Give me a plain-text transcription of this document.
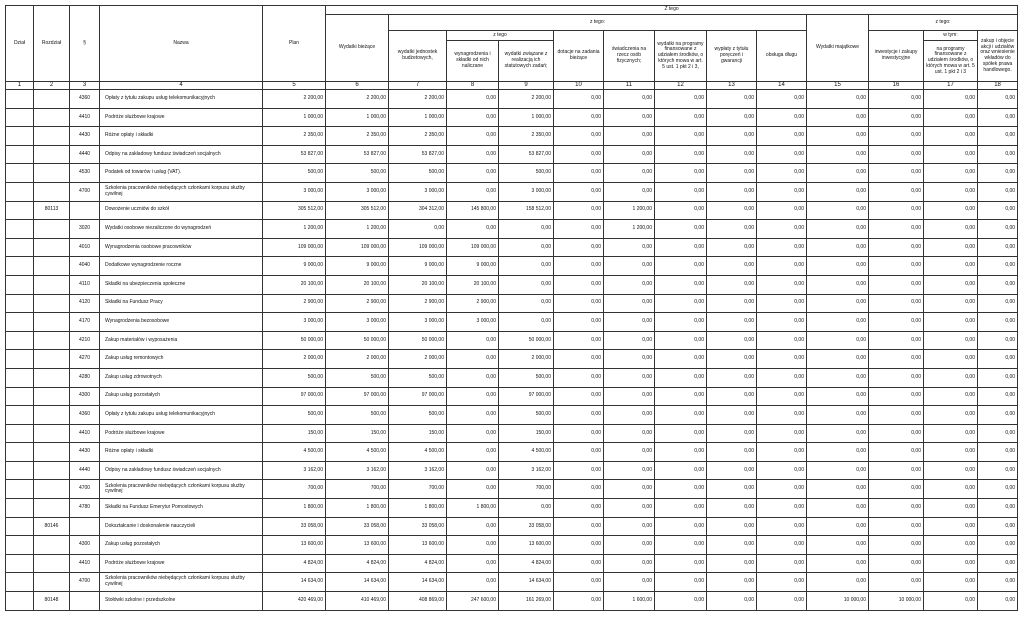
Dział	Rozdział	§	Nazwa	Plan	Z tego												
					Wydatki bieżące	z tego:								Wydatki majątkowe	z tego:		
						wydatki jednostek budżetowych,	z tego		dotacje na zadania bieżące	świadczenia na rzecz osób fizycznych;	wydatki na programy finansowane z udziałem środków, o których mowa w art. 5 ust. 1 pkt 2 i 3,	wypłaty z tytułu poręczeń i gwarancji	obsługa długu		inwestycje i zakupy inwestycyjne	w tym:	zakup i objęcie akcji i udziałów oraz wniesienie wkładów do spółek prawa handlowego.
							wynagrodzenia i składki od nich naliczane	wydatki związane z realizacją ich statutowych zadań;								na programy finansowane z udziałem środków, o których mowa w art. 5 ust. 1 pkt 2 i 3	
1	2	3	4	5	6	7	8	9	10	11	12	13	14	15	16	17	18
		4360	Opłaty z tytułu zakupu usług telekomunikacyjnych	2 200,00	2 200,00	2 200,00	0,00	2 200,00	0,00	0,00	0,00	0,00	0,00	0,00	0,00	0,00	0,00
		4410	Podróże służbowe krajowe	1 000,00	1 000,00	1 000,00	0,00	1 000,00	0,00	0,00	0,00	0,00	0,00	0,00	0,00	0,00	0,00
		4430	Różne opłaty i składki	2 350,00	2 350,00	2 350,00	0,00	2 350,00	0,00	0,00	0,00	0,00	0,00	0,00	0,00	0,00	0,00
		4440	Odpisy na zakładowy fundusz świadczeń socjalnych	53 827,00	53 827,00	53 827,00	0,00	53 827,00	0,00	0,00	0,00	0,00	0,00	0,00	0,00	0,00	0,00
		4530	Podatek od towarów i usług (VAT).	500,00	500,00	500,00	0,00	500,00	0,00	0,00	0,00	0,00	0,00	0,00	0,00	0,00	0,00
		4700	Szkolenia pracowników niebędących członkami korpusu służby cywilnej	3 000,00	3 000,00	3 000,00	0,00	3 000,00	0,00	0,00	0,00	0,00	0,00	0,00	0,00	0,00	0,00
	80113		Dowożenie uczniów do szkół	305 512,00	305 512,00	304 312,00	145 800,00	158 512,00	0,00	1 200,00	0,00	0,00	0,00	0,00	0,00	0,00	0,00
		3020	Wydatki osobowe niezaliczone do wynagrodzeń	1 200,00	1 200,00	0,00	0,00	0,00	0,00	1 200,00	0,00	0,00	0,00	0,00	0,00	0,00	0,00
		4010	Wynagrodzenia osobowe pracowników	109 000,00	109 000,00	109 000,00	109 000,00	0,00	0,00	0,00	0,00	0,00	0,00	0,00	0,00	0,00	0,00
		4040	Dodatkowe wynagrodzenie roczne	9 000,00	9 000,00	9 000,00	9 000,00	0,00	0,00	0,00	0,00	0,00	0,00	0,00	0,00	0,00	0,00
		4110	Składki na ubezpieczenia społeczne	20 100,00	20 100,00	20 100,00	20 100,00	0,00	0,00	0,00	0,00	0,00	0,00	0,00	0,00	0,00	0,00
		4120	Składki na Fundusz Pracy	2 900,00	2 900,00	2 900,00	2 900,00	0,00	0,00	0,00	0,00	0,00	0,00	0,00	0,00	0,00	0,00
		4170	Wynagrodzenia bezosobowe	3 000,00	3 000,00	3 000,00	3 000,00	0,00	0,00	0,00	0,00	0,00	0,00	0,00	0,00	0,00	0,00
		4210	Zakup materiałów i wyposażenia	50 000,00	50 000,00	50 000,00	0,00	50 000,00	0,00	0,00	0,00	0,00	0,00	0,00	0,00	0,00	0,00
		4270	Zakup usług remontowych	2 000,00	2 000,00	2 000,00	0,00	2 000,00	0,00	0,00	0,00	0,00	0,00	0,00	0,00	0,00	0,00
		4280	Zakup usług zdrowotnych	500,00	500,00	500,00	0,00	500,00	0,00	0,00	0,00	0,00	0,00	0,00	0,00	0,00	0,00
		4300	Zakup usług pozostałych	97 000,00	97 000,00	97 000,00	0,00	97 000,00	0,00	0,00	0,00	0,00	0,00	0,00	0,00	0,00	0,00
		4360	Opłaty z tytułu zakupu usług telekomunikacyjnych	500,00	500,00	500,00	0,00	500,00	0,00	0,00	0,00	0,00	0,00	0,00	0,00	0,00	0,00
		4410	Podróże służbowe krajowe	150,00	150,00	150,00	0,00	150,00	0,00	0,00	0,00	0,00	0,00	0,00	0,00	0,00	0,00
		4430	Różne opłaty i składki	4 500,00	4 500,00	4 500,00	0,00	4 500,00	0,00	0,00	0,00	0,00	0,00	0,00	0,00	0,00	0,00
		4440	Odpisy na zakładowy fundusz świadczeń socjalnych	3 162,00	3 162,00	3 162,00	0,00	3 162,00	0,00	0,00	0,00	0,00	0,00	0,00	0,00	0,00	0,00
		4700	Szkolenia pracowników niebędących członkami korpusu służby cywilnej	700,00	700,00	700,00	0,00	700,00	0,00	0,00	0,00	0,00	0,00	0,00	0,00	0,00	0,00
		4780	Składki na Fundusz Emerytur Pomostowych	1 800,00	1 800,00	1 800,00	1 800,00	0,00	0,00	0,00	0,00	0,00	0,00	0,00	0,00	0,00	0,00
	80146		Dokształcanie i doskonalenie nauczycieli	33 058,00	33 058,00	33 058,00	0,00	33 058,00	0,00	0,00	0,00	0,00	0,00	0,00	0,00	0,00	0,00
		4300	Zakup usług pozostałych	13 600,00	13 600,00	13 600,00	0,00	13 600,00	0,00	0,00	0,00	0,00	0,00	0,00	0,00	0,00	0,00
		4410	Podróże służbowe krajowe	4 824,00	4 824,00	4 824,00	0,00	4 824,00	0,00	0,00	0,00	0,00	0,00	0,00	0,00	0,00	0,00
		4700	Szkolenia pracowników niebędących członkami korpusu służby cywilnej	14 634,00	14 634,00	14 634,00	0,00	14 634,00	0,00	0,00	0,00	0,00	0,00	0,00	0,00	0,00	0,00
	80148		Stołówki szkolne i przedszkolne	420 469,00	410 469,00	408 869,00	247 600,00	161 269,00	0,00	1 600,00	0,00	0,00	0,00	10 000,00	10 000,00	0,00	0,00
